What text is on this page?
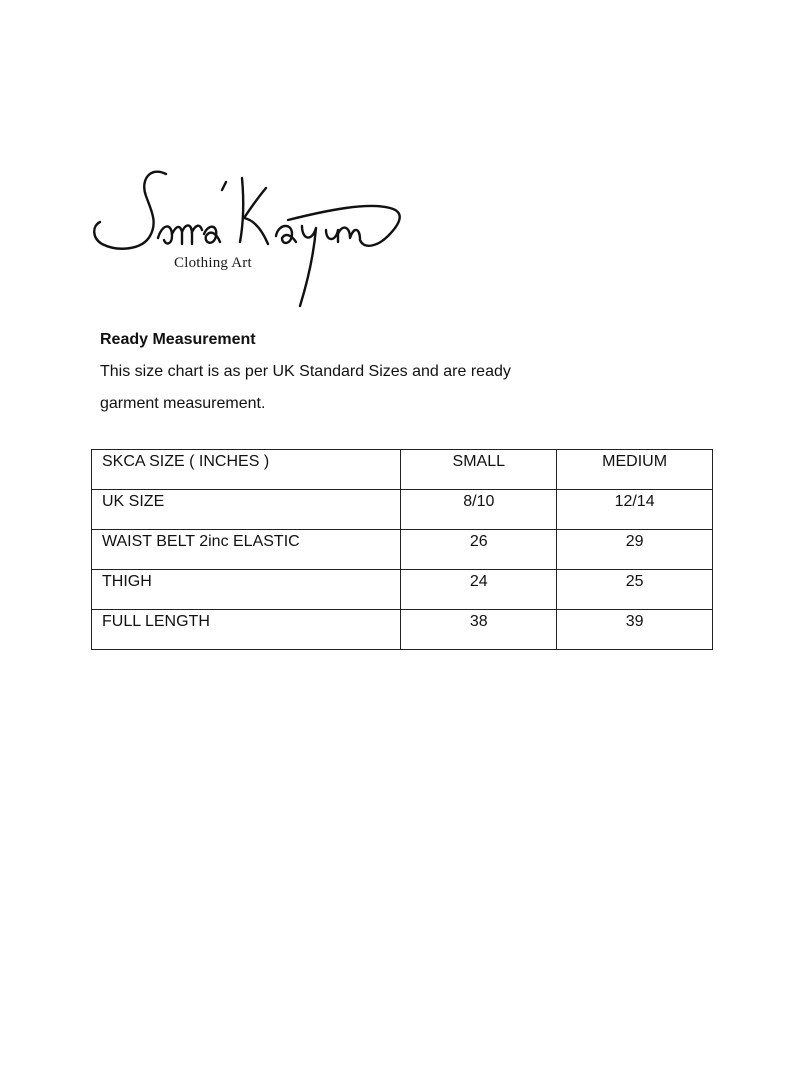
Clothing Art

Ready Measurement

This size chart is as per UK Standard Sizes and are ready
garment measurement.

SKCA SIZE ( INCHES )	SMALL	MEDIUM
UK SIZE	8/10	12/14
WAIST BELT 2inc ELASTIC	26	29
THIGH	24	25
FULL LENGTH	38	39
